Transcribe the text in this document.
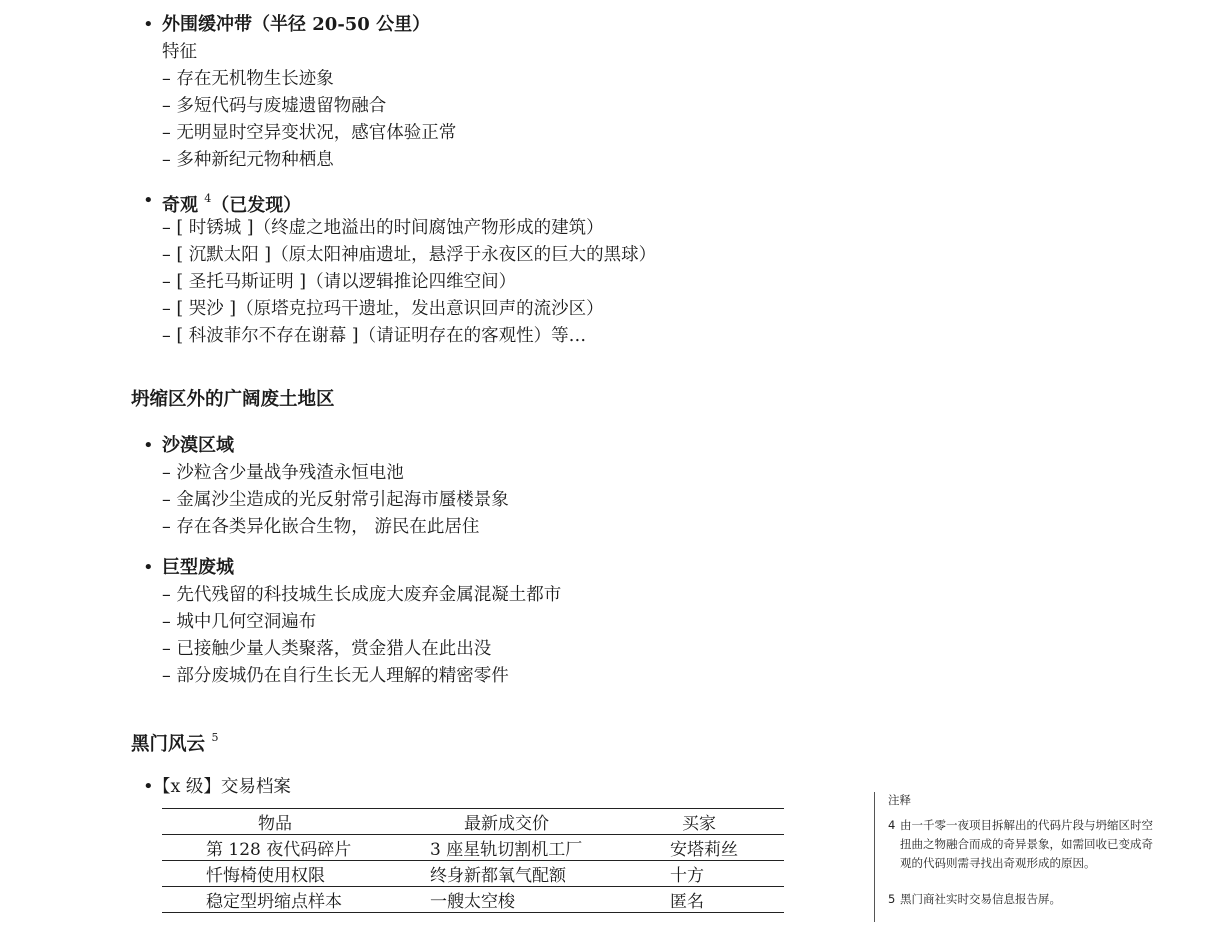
• 外围缓冲带（半径 20-50 公里）
特征
– 存在无机物生长迹象
– 多短代码与废墟遗留物融合
– 无明显时空异变状况，感官体验正常
– 多种新纪元物种栖息
• 奇观 $^4$（已发现）
– [ 时锈城 ]（终虚之地溢出的时间腐蚀产物形成的建筑）
– [ 沉默太阳 ]（原太阳神庙遗址，悬浮于永夜区的巨大的黑球）
– [ 圣托马斯证明 ]（请以逻辑推论四维空间）
– [ 哭沙 ]（原塔克拉玛干遗址，发出意识回声的流沙区）
– [ 科波菲尔不存在谢幕 ]（请证明存在的客观性）等…
坍缩区外的广阔废土地区
• 沙漠区域
– 沙粒含少量战争残渣永恒电池
– 金属沙尘造成的光反射常引起海市蜃楼景象
– 存在各类异化嵌合生物， 游民在此居住
• 巨型废城
– 先代残留的科技城生长成庞大废弃金属混凝土都市
– 城中几何空洞遍布
– 已接触少量人类聚落，赏金猎人在此出没
– 部分废城仍在自行生长无人理解的精密零件
黑门风云 $^5$
• 【x 级】交易档案
物品	最新成交价	买家
第 128 夜代码碎片	3 座星轨切割机工厂	安塔莉丝
忏悔椅使用权限	终身新都氧气配额	十方
稳定型坍缩点样本	一艘太空梭	匿名
注释
4 由一千零一夜项目拆解出的代码片段与坍缩区时空扭曲之物融合而成的奇异景象，如需回收已变成奇观的代码则需寻找出奇观形成的原因。
5 黑门商社实时交易信息报告屏。
